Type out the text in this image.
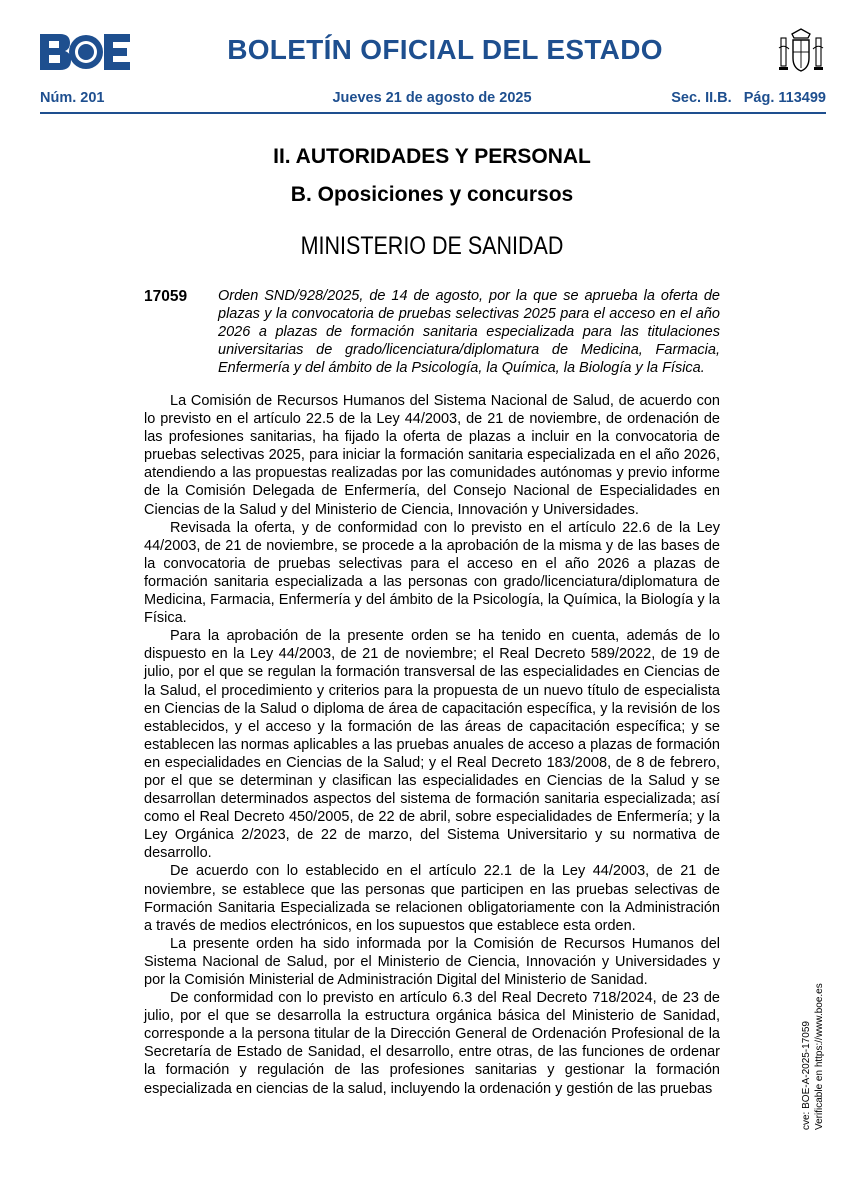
BOLETÍN OFICIAL DEL ESTADO
Núm. 201	Jueves 21 de agosto de 2025	Sec. II.B.   Pág. 113499
II. AUTORIDADES Y PERSONAL
B. Oposiciones y concursos
MINISTERIO DE SANIDAD
17059 Orden SND/928/2025, de 14 de agosto, por la que se aprueba la oferta de plazas y la convocatoria de pruebas selectivas 2025 para el acceso en el año 2026 a plazas de formación sanitaria especializada para las titulaciones universitarias de grado/licenciatura/diplomatura de Medicina, Farmacia, Enfermería y del ámbito de la Psicología, la Química, la Biología y la Física.

La Comisión de Recursos Humanos del Sistema Nacional de Salud, de acuerdo con lo previsto en el artículo 22.5 de la Ley 44/2003, de 21 de noviembre, de ordenación de las profesiones sanitarias, ha fijado la oferta de plazas a incluir en la convocatoria de pruebas selectivas 2025, para iniciar la formación sanitaria especializada en el año 2026, atendiendo a las propuestas realizadas por las comunidades autónomas y previo informe de la Comisión Delegada de Enfermería, del Consejo Nacional de Especialidades en Ciencias de la Salud y del Ministerio de Ciencia, Innovación y Universidades.

Revisada la oferta, y de conformidad con lo previsto en el artículo 22.6 de la Ley 44/2003, de 21 de noviembre, se procede a la aprobación de la misma y de las bases de la convocatoria de pruebas selectivas para el acceso en el año 2026 a plazas de formación sanitaria especializada a las personas con grado/licenciatura/diplomatura de Medicina, Farmacia, Enfermería y del ámbito de la Psicología, la Química, la Biología y la Física.

Para la aprobación de la presente orden se ha tenido en cuenta, además de lo dispuesto en la Ley 44/2003, de 21 de noviembre; el Real Decreto 589/2022, de 19 de julio, por el que se regulan la formación transversal de las especialidades en Ciencias de la Salud, el procedimiento y criterios para la propuesta de un nuevo título de especialista en Ciencias de la Salud o diploma de área de capacitación específica, y la revisión de los establecidos, y el acceso y la formación de las áreas de capacitación específica; y se establecen las normas aplicables a las pruebas anuales de acceso a plazas de formación en especialidades en Ciencias de la Salud; y el Real Decreto 183/2008, de 8 de febrero, por el que se determinan y clasifican las especialidades en Ciencias de la Salud y se desarrollan determinados aspectos del sistema de formación sanitaria especializada; así como el Real Decreto 450/2005, de 22 de abril, sobre especialidades de Enfermería; y la Ley Orgánica 2/2023, de 22 de marzo, del Sistema Universitario y su normativa de desarrollo.

De acuerdo con lo establecido en el artículo 22.1 de la Ley 44/2003, de 21 de noviembre, se establece que las personas que participen en las pruebas selectivas de Formación Sanitaria Especializada se relacionen obligatoriamente con la Administración a través de medios electrónicos, en los supuestos que establece esta orden.

La presente orden ha sido informada por la Comisión de Recursos Humanos del Sistema Nacional de Salud, por el Ministerio de Ciencia, Innovación y Universidades y por la Comisión Ministerial de Administración Digital del Ministerio de Sanidad.

De conformidad con lo previsto en artículo 6.3 del Real Decreto 718/2024, de 23 de julio, por el que se desarrolla la estructura orgánica básica del Ministerio de Sanidad, corresponde a la persona titular de la Dirección General de Ordenación Profesional de la Secretaría de Estado de Sanidad, el desarrollo, entre otras, de las funciones de ordenar la formación y regulación de las profesiones sanitarias y gestionar la formación especializada en ciencias de la salud, incluyendo la ordenación y gestión de las pruebas	cve: BOE-A-2025-17059 Verificable en https://www.boe.es
